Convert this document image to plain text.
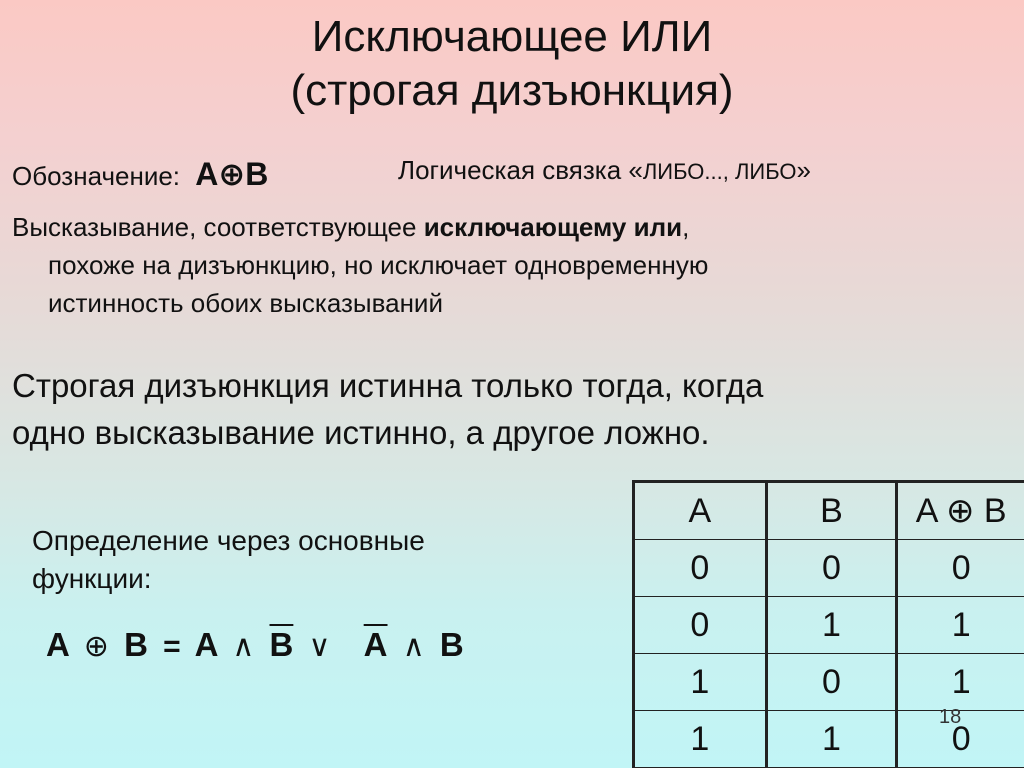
Исключающее ИЛИ
(строгая дизъюнкция)
Обозначение: A⊕B	Логическая связка «ЛИБО..., ЛИБО»
Высказывание, соответствующее исключающему или,
похоже на дизъюнкцию, но исключает одновременную
истинность обоих высказываний
Строгая дизъюнкция истинна только тогда, когда
одно высказывание истинно, а другое ложно.
Определение через основные
функции:
A ⊕ B = A ∧ $\overline{B}$ ∨ $\overline{A}$ ∧ B
A	B	A ⊕ B
0	0	0
0	1	1
1	0	1
1	1	0
18
